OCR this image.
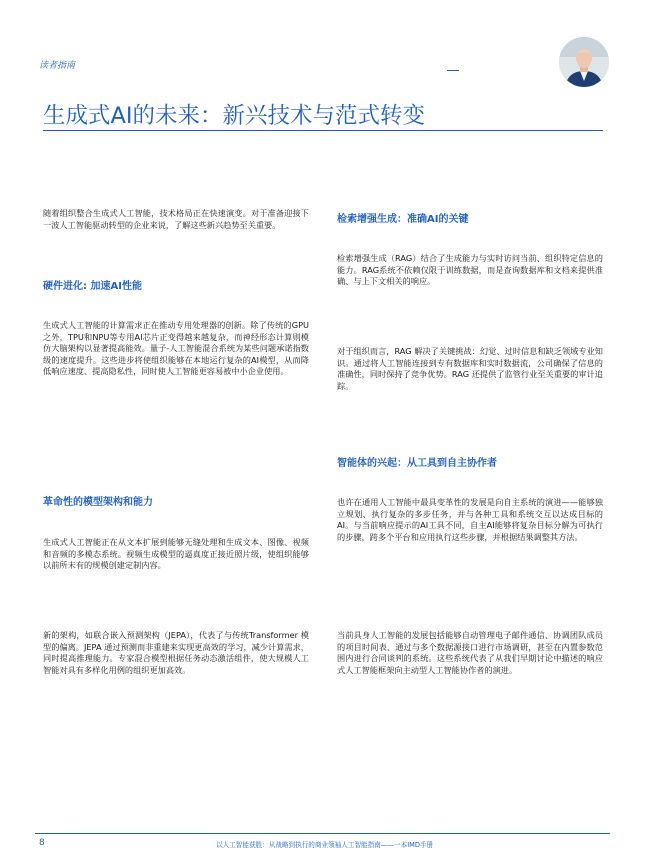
读者指南
生成式AI的未来：新兴技术与范式转变

随着组织整合生成式人工智能，技术格局正在快速演变。对于准备迎接下一波人工智能驱动转型的企业来说，了解这些新兴趋势至关重要。

硬件进化: 加速AI性能

生成式人工智能的计算需求正在推动专用处理器的创新。除了传统的GPU之外，TPU和NPU等专用AI芯片正变得越来越复杂，而神经形态计算则模仿大脑架构以显著提高能效。量子-人工智能混合系统为某些问题承诺指数级的速度提升。这些进步将使组织能够在本地运行复杂的AI模型，从而降低响应速度、提高隐私性，同时使人工智能更容易被中小企业使用。

革命性的模型架构和能力

生成式人工智能正在从文本扩展到能够无缝处理和生成文本、图像、视频和音频的多模态系统。视频生成模型的逼真度正接近照片级，使组织能够以前所未有的规模创建定制内容。

新的架构，如联合嵌入预测架构（JEPA），代表了与传统Transformer 模型的偏离。JEPA 通过预测而非重建来实现更高效的学习，减少计算需求，同时提高推理能力。专家混合模型根据任务动态激活组件，使大规模人工智能对具有多样化用例的组织更加高效。

检索增强生成：准确AI的关键

检索增强生成（RAG）结合了生成能力与实时访问当前、组织特定信息的能力。RAG系统不依赖仅限于训练数据，而是查询数据库和文档来提供准确、与上下文相关的响应。

对于组织而言，RAG 解决了关键挑战：幻觉、过时信息和缺乏领域专业知识。通过将人工智能连接到专有数据库和实时数据流，公司确保了信息的准确性，同时保持了竞争优势。RAG 还提供了监管行业至关重要的审计追踪。

智能体的兴起：从工具到自主协作者

也许在通用人工智能中最具变革性的发展是向自主系统的演进——能够独立规划、执行复杂的多步任务，并与各种工具和系统交互以达成目标的AI。与当前响应提示的AI工具不同，自主AI能够将复杂目标分解为可执行的步骤，跨多个平台和应用执行这些步骤，并根据结果调整其方法。

当前具身人工智能的发展包括能够自动管理电子邮件通信、协调团队成员的项目时间表、通过与多个数据源接口进行市场调研，甚至在内置参数范围内进行合同谈判的系统。这些系统代表了从我们早期讨论中描述的响应式人工智能框架向主动型人工智能协作者的演进。

8	以人工智能获胜：从战略到执行的商业领袖人工智能指南——一本IMD手册
